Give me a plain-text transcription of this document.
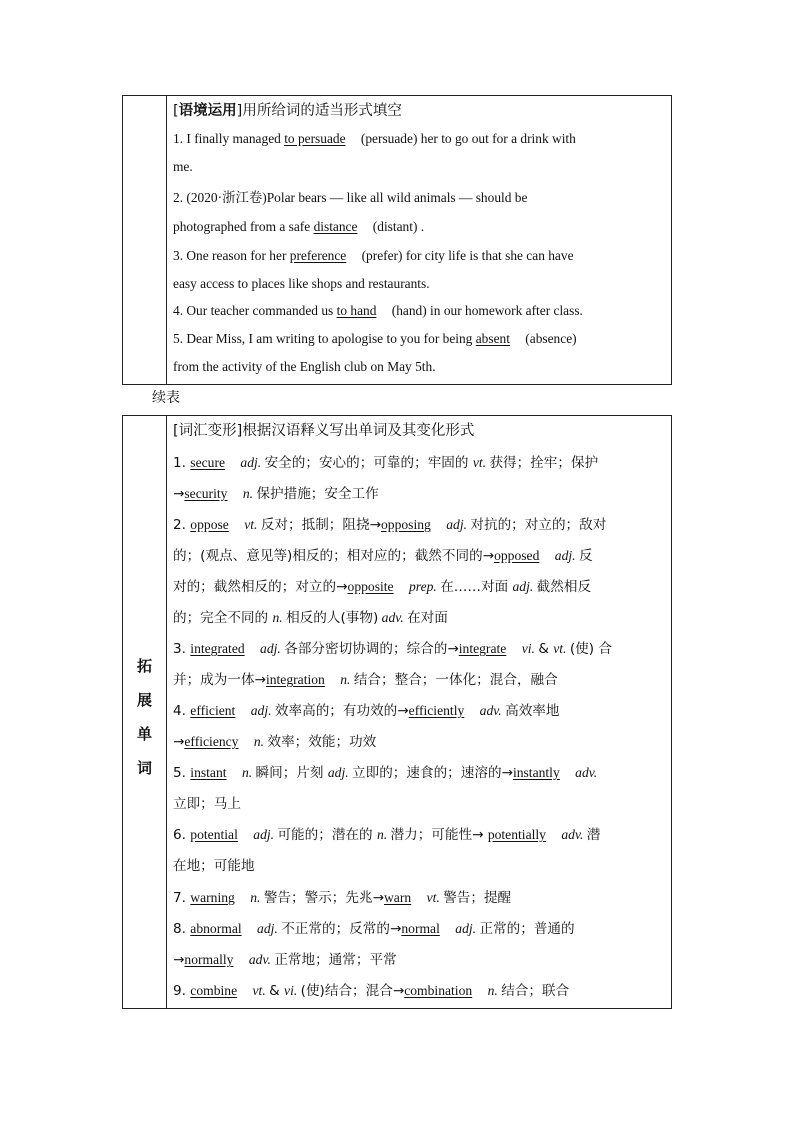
[语境运用]用所给词的适当形式填空
1. I finally managed to persuade (persuade) her to go out for a drink with
me.
2. (2020·浙江卷)Polar bears — like all wild animals — should be
photographed from a safe distance (distant) .
3. One reason for her preference (prefer) for city life is that she can have
easy access to places like shops and restaurants.
4. Our teacher commanded us to hand (hand) in our homework after class.
5. Dear Miss, I am writing to apologise to you for being absent (absence)
from the activity of the English club on May 5th.
续表
拓
展
单
词
[词汇变形]根据汉语释义写出单词及其变化形式
1. secure adj. 安全的；安心的；可靠的；牢固的 vt. 获得；拴牢；保护
→security n. 保护措施；安全工作
2. oppose vt. 反对；抵制；阻挠→opposing adj. 对抗的；对立的；敌对
的；(观点、意见等)相反的；相对应的；截然不同的→opposed adj. 反
对的；截然相反的；对立的→opposite prep. 在……对面 adj. 截然相反
的；完全不同的 n. 相反的人(事物) adv. 在对面
3. integrated adj. 各部分密切协调的；综合的→integrate vi. & vt. (使) 合
并；成为一体→integration n. 结合；整合；一体化；混合，融合
4. efficient adj. 效率高的；有功效的→efficiently adv. 高效率地
→efficiency n. 效率；效能；功效
5. instant n. 瞬间；片刻 adj. 立即的；速食的；速溶的→instantly adv.
立即；马上
6. potential adj. 可能的；潜在的 n. 潜力；可能性→ potentially adv. 潜
在地；可能地
7. warning n. 警告；警示；先兆→warn vt. 警告；提醒
8. abnormal adj. 不正常的；反常的→normal adj. 正常的；普通的
→normally adv. 正常地；通常；平常
9. combine vt. & vi. (使)结合；混合→combination n. 结合；联合
